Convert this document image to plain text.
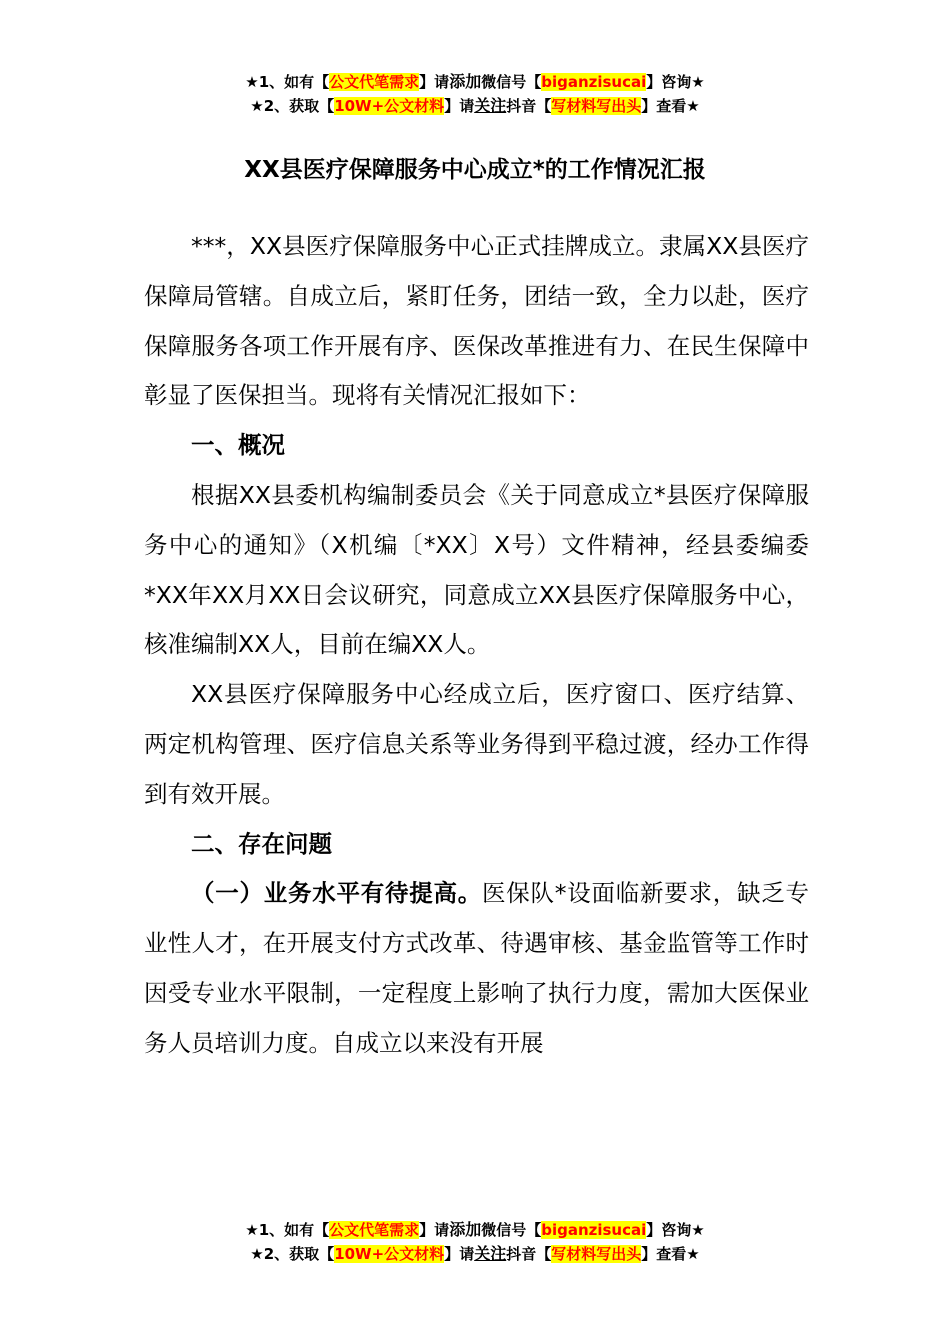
★1、如有【公文代笔需求】请添加微信号【biganzisucai】咨询★
★2、获取【10W+公文材料】请关注抖音【写材料写出头】查看★
XX县医疗保障服务中心成立*的工作情况汇报

***，XX县医疗保障服务中心正式挂牌成立。隶属XX县医疗保障局管辖。自成立后，紧盯任务，团结一致，全力以赴，医疗保障服务各项工作开展有序、医保改革推进有力、在民生保障中彰显了医保担当。现将有关情况汇报如下：

一、概况

根据XX县委机构编制委员会《关于同意成立*县医疗保障服务中心的通知》（X机编〔*XX〕X号）文件精神，经县委编委*XX年XX月XX日会议研究，同意成立XX县医疗保障服务中心，核准编制XX人，目前在编XX人。

XX县医疗保障服务中心经成立后，医疗窗口、医疗结算、两定机构管理、医疗信息关系等业务得到平稳过渡，经办工作得到有效开展。

二、存在问题

（一）业务水平有待提高。医保队*设面临新要求，缺乏专业性人才，在开展支付方式改革、待遇审核、基金监管等工作时因受专业水平限制，一定程度上影响了执行力度，需加大医保业务人员培训力度。自成立以来没有开展

★1、如有【公文代笔需求】请添加微信号【biganzisucai】咨询★
★2、获取【10W+公文材料】请关注抖音【写材料写出头】查看★
